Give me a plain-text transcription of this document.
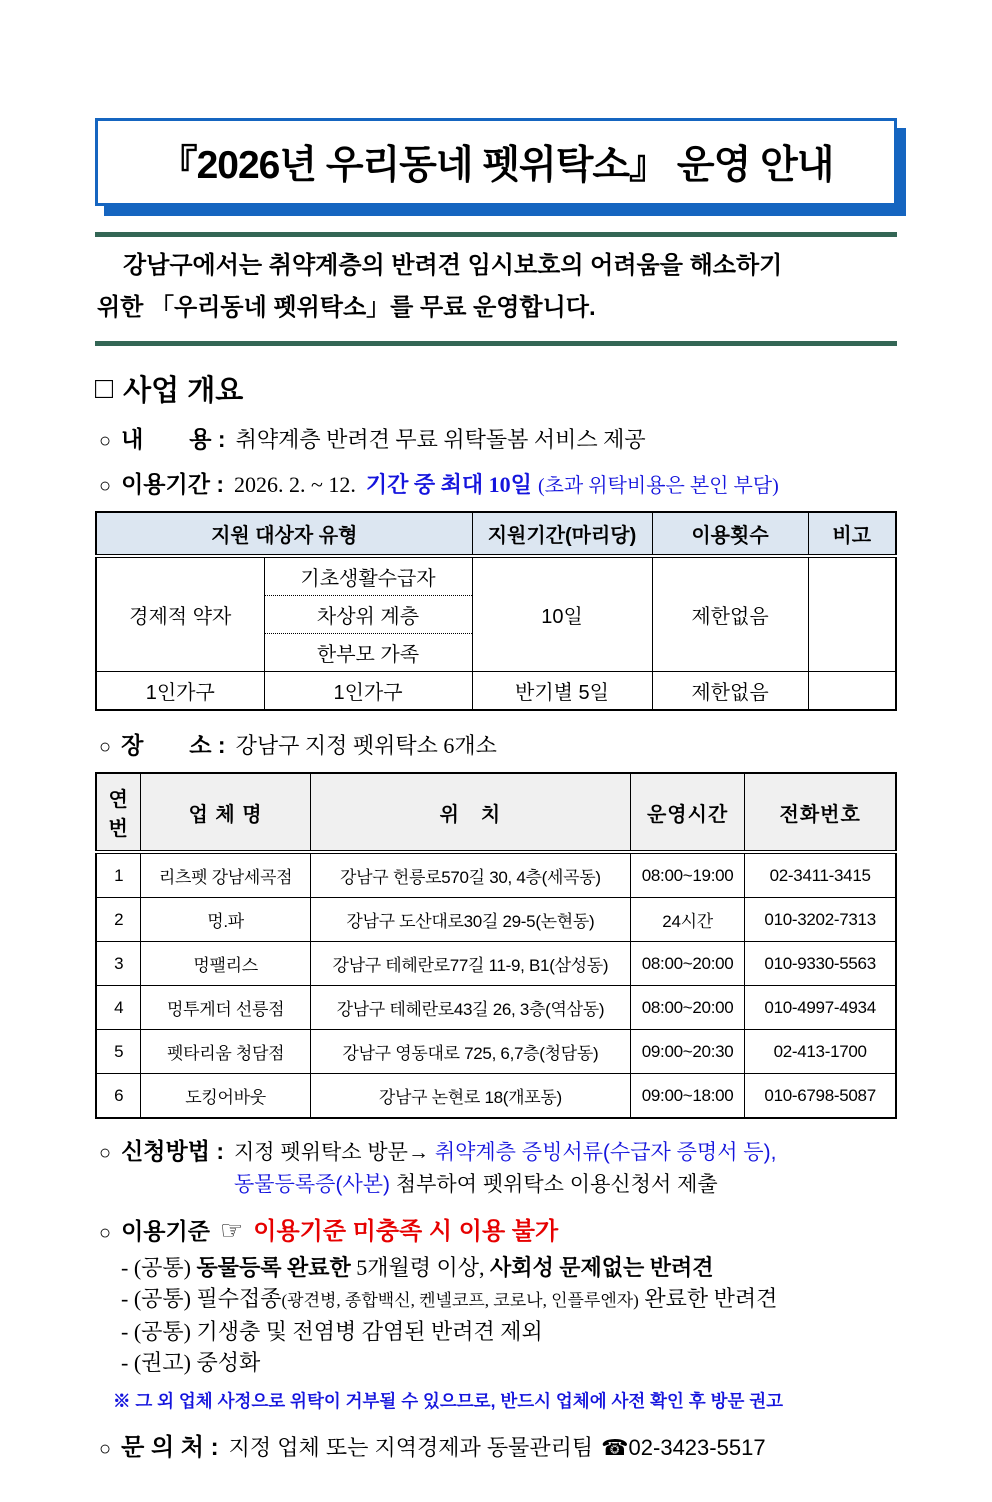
『2026년 우리동네 펫위탁소』 운영 안내
강남구에서는 취약계층의 반려견 임시보호의 어려움을 해소하기
위한 「우리동네 펫위탁소」를 무료 운영합니다.
□ 사업 개요
○ 내　　용 : 취약계층 반려견 무료 위탁돌봄 서비스 제공
○ 이용기간 : 2026. 2. ~ 12. 기간 중 최대 10일 (초과 위탁비용은 본인 부담)
지원 대상자 유형		지원기간(마리당)	이용횟수	비고
경제적 약자	기초생활수급자	10일	제한없음	
	차상위 계층			
	한부모 가족			
1인가구	1인가구	반기별 5일	제한없음	
○ 장　　소 : 강남구 지정 펫위탁소 6개소
연번	업 체 명	위　치	운영시간	전화번호
1	리츠펫 강남세곡점	강남구 헌릉로570길 30, 4층(세곡동)	08:00~19:00	02-3411-3415
2	멍.파	강남구 도산대로30길 29-5(논현동)	24시간	010-3202-7313
3	멍팰리스	강남구 테헤란로77길 11-9, B1(삼성동)	08:00~20:00	010-9330-5563
4	멍투게더 선릉점	강남구 테헤란로43길 26, 3층(역삼동)	08:00~20:00	010-4997-4934
5	펫타리움 청담점	강남구 영동대로 725, 6,7층(청담동)	09:00~20:30	02-413-1700
6	도킹어바웃	강남구 논현로 18(개포동)	09:00~18:00	010-6798-5087
○ 신청방법 : 지정 펫위탁소 방문→ 취약계층 증빙서류(수급자 증명서 등),
동물등록증(사본) 첨부하여 펫위탁소 이용신청서 제출
○ 이용기준 ☞ 이용기준 미충족 시 이용 불가
- (공통) 동물등록 완료한 5개월령 이상, 사회성 문제없는 반려견
- (공통) 필수접종(광견병, 종합백신, 켄넬코프, 코로나, 인플루엔자) 완료한 반려견
- (공통) 기생충 및 전염병 감염된 반려견 제외
- (권고) 중성화
※ 그 외 업체 사정으로 위탁이 거부될 수 있으므로, 반드시 업체에 사전 확인 후 방문 권고
○ 문 의 처 : 지정 업체 또는 지역경제과 동물관리팀 ☎02-3423-5517
